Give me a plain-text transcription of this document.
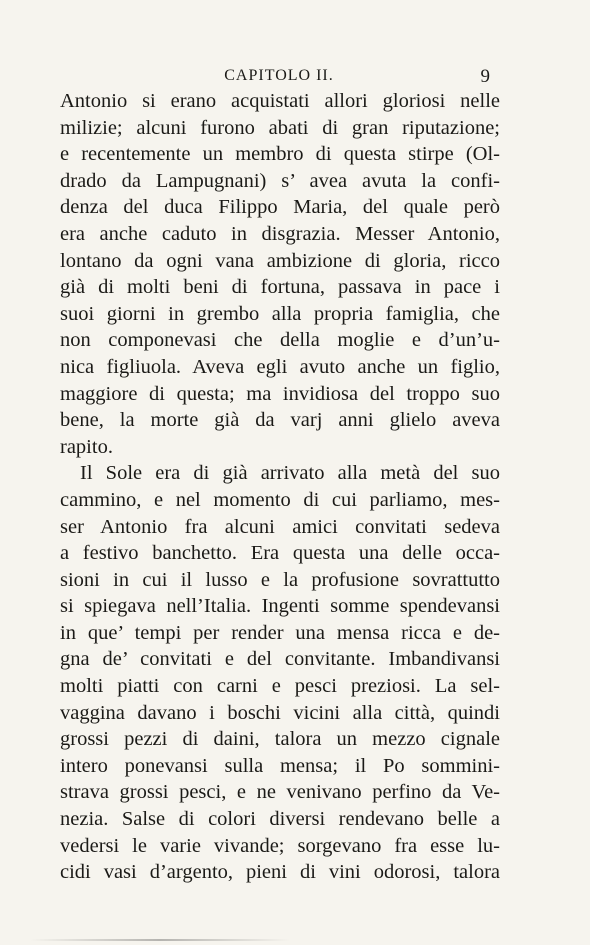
CAPITOLO II.	9
Antonio si erano acquistati allori gloriosi nelle
milizie; alcuni furono abati di gran riputazione;
e recentemente un membro di questa stirpe (Ol-
drado da Lampugnani) s’ avea avuta la confi-
denza del duca Filippo Maria, del quale però
era anche caduto in disgrazia. Messer Antonio,
lontano da ogni vana ambizione di gloria, ricco
già di molti beni di fortuna, passava in pace i
suoi giorni in grembo alla propria famiglia, che
non componevasi che della moglie e d’un’u-
nica figliuola. Aveva egli avuto anche un figlio,
maggiore di questa; ma invidiosa del troppo suo
bene, la morte già da varj anni glielo aveva
rapito.
Il Sole era di già arrivato alla metà del suo
cammino, e nel momento di cui parliamo, mes-
ser Antonio fra alcuni amici convitati sedeva
a festivo banchetto. Era questa una delle occa-
sioni in cui il lusso e la profusione sovrattutto
si spiegava nell’Italia. Ingenti somme spendevansi
in que’ tempi per render una mensa ricca e de-
gna de’ convitati e del convitante. Imbandivansi
molti piatti con carni e pesci preziosi. La sel-
vaggina davano i boschi vicini alla città, quindi
grossi pezzi di daini, talora un mezzo cignale
intero ponevansi sulla mensa; il Po sommini-
strava grossi pesci, e ne venivano perfino da Ve-
nezia. Salse di colori diversi rendevano belle a
vedersi le varie vivande; sorgevano fra esse lu-
cidi vasi d’argento, pieni di vini odorosi, talora
